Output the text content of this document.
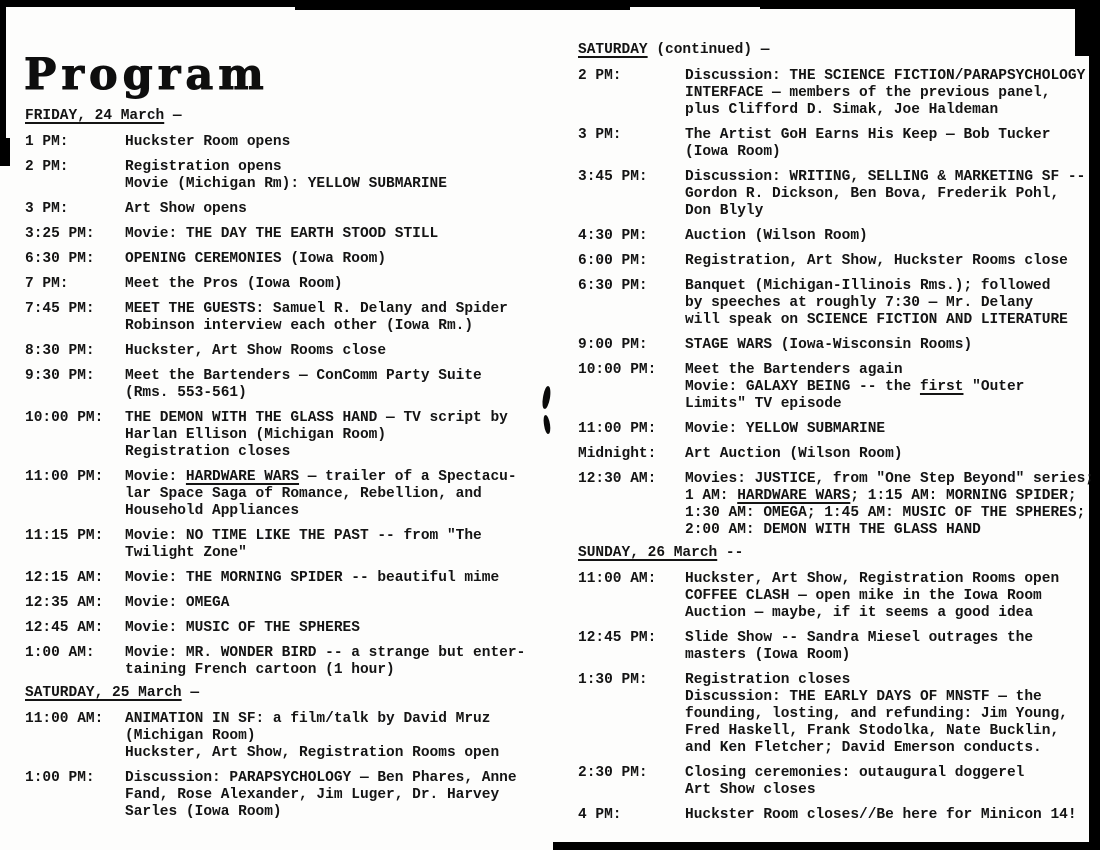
Program
FRIDAY, 24 March —
1 PM:	Huckster Room opens
2 PM:	Registration opens
Movie (Michigan Rm): YELLOW SUBMARINE
3 PM:	Art Show opens
3:25 PM:	Movie: THE DAY THE EARTH STOOD STILL
6:30 PM:	OPENING CEREMONIES (Iowa Room)
7 PM:	Meet the Pros (Iowa Room)
7:45 PM:	MEET THE GUESTS: Samuel R. Delany and Spider
Robinson interview each other (Iowa Rm.)
8:30 PM:	Huckster, Art Show Rooms close
9:30 PM:	Meet the Bartenders — ConComm Party Suite
(Rms. 553-561)
10:00 PM:	THE DEMON WITH THE GLASS HAND — TV script by
Harlan Ellison (Michigan Room)
Registration closes
11:00 PM:	Movie: HARDWARE WARS — trailer of a Spectacu-
lar Space Saga of Romance, Rebellion, and
Household Appliances
11:15 PM:	Movie: NO TIME LIKE THE PAST -- from "The
Twilight Zone"
12:15 AM:	Movie: THE MORNING SPIDER -- beautiful mime
12:35 AM:	Movie: OMEGA
12:45 AM:	Movie: MUSIC OF THE SPHERES
1:00 AM:	Movie: MR. WONDER BIRD -- a strange but enter-
taining French cartoon (1 hour)
SATURDAY, 25 March —
11:00 AM:	ANIMATION IN SF: a film/talk by David Mruz
(Michigan Room)
Huckster, Art Show, Registration Rooms open
1:00 PM:	Discussion: PARAPSYCHOLOGY — Ben Phares, Anne
Fand, Rose Alexander, Jim Luger, Dr. Harvey
Sarles (Iowa Room)
SATURDAY (continued) —
2 PM:	Discussion: THE SCIENCE FICTION/PARAPSYCHOLOGY
INTERFACE — members of the previous panel,
plus Clifford D. Simak, Joe Haldeman
3 PM:	The Artist GoH Earns His Keep — Bob Tucker
(Iowa Room)
3:45 PM:	Discussion: WRITING, SELLING & MARKETING SF --
Gordon R. Dickson, Ben Bova, Frederik Pohl,
Don Blyly
4:30 PM:	Auction (Wilson Room)
6:00 PM:	Registration, Art Show, Huckster Rooms close
6:30 PM:	Banquet (Michigan-Illinois Rms.); followed
by speeches at roughly 7:30 — Mr. Delany
will speak on SCIENCE FICTION AND LITERATURE
9:00 PM:	STAGE WARS (Iowa-Wisconsin Rooms)
10:00 PM:	Meet the Bartenders again
Movie: GALAXY BEING -- the first "Outer
Limits" TV episode
11:00 PM:	Movie: YELLOW SUBMARINE
Midnight:	Art Auction (Wilson Room)
12:30 AM:	Movies: JUSTICE, from "One Step Beyond" series;
1 AM: HARDWARE WARS; 1:15 AM: MORNING SPIDER;
1:30 AM: OMEGA; 1:45 AM: MUSIC OF THE SPHERES;
2:00 AM: DEMON WITH THE GLASS HAND
SUNDAY, 26 March --
11:00 AM:	Huckster, Art Show, Registration Rooms open
COFFEE CLASH — open mike in the Iowa Room
Auction — maybe, if it seems a good idea
12:45 PM:	Slide Show -- Sandra Miesel outrages the
masters (Iowa Room)
1:30 PM:	Registration closes
Discussion: THE EARLY DAYS OF MNSTF — the
founding, losting, and refunding: Jim Young,
Fred Haskell, Frank Stodolka, Nate Bucklin,
and Ken Fletcher; David Emerson conducts.
2:30 PM:	Closing ceremonies: outaugural doggerel
Art Show closes
4 PM:	Huckster Room closes//Be here for Minicon 14!
